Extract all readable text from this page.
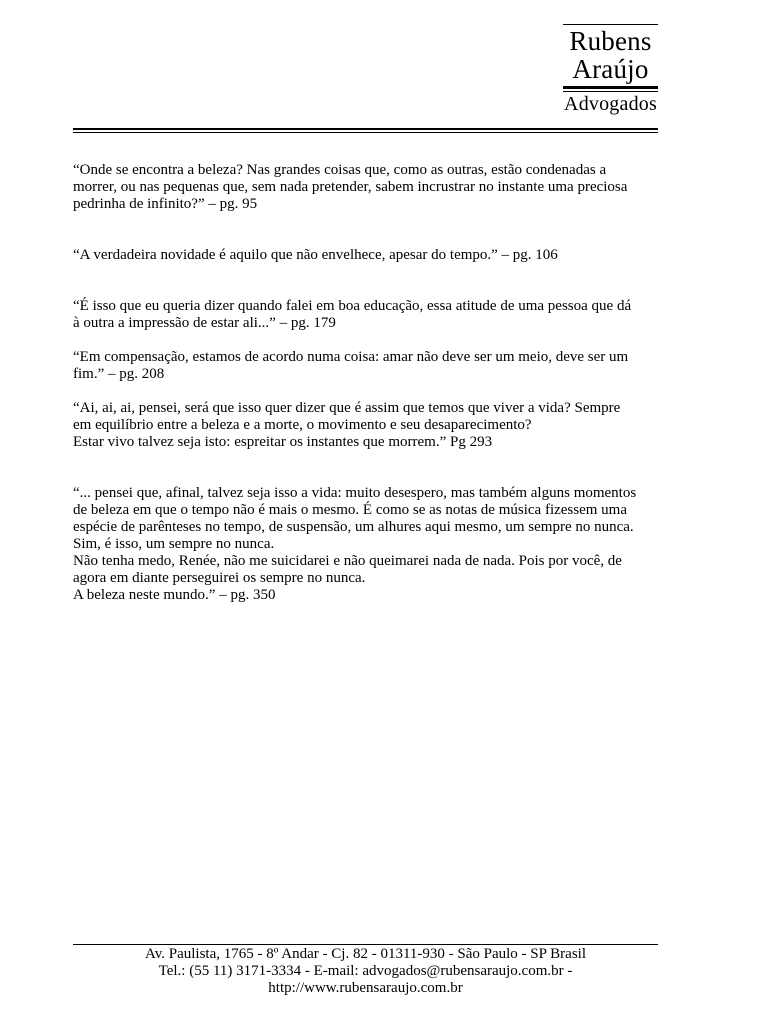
Rubens
Araújo
Advogados

“Onde se encontra a beleza? Nas grandes coisas que, como as outras, estão condenadas a
morrer, ou nas pequenas que, sem nada pretender, sabem incrustrar no instante uma preciosa
pedrinha de infinito?” – pg. 95

“A verdadeira novidade é aquilo que não envelhece, apesar do tempo.” – pg. 106

“É isso que eu queria dizer quando falei em boa educação, essa atitude de uma pessoa que dá
à outra a impressão de estar ali...” – pg. 179

“Em compensação, estamos de acordo numa coisa: amar não deve ser um meio, deve ser um
fim.” – pg. 208

“Ai, ai, ai, pensei, será que isso quer dizer que é assim que temos que viver a vida? Sempre
em equilíbrio entre a beleza e a morte, o movimento e seu desaparecimento?
Estar vivo talvez seja isto: espreitar os instantes que morrem.” Pg 293

“... pensei que, afinal, talvez seja isso a vida: muito desespero, mas também alguns momentos
de beleza em que o tempo não é mais o mesmo. É como se as notas de música fizessem uma
espécie de parênteses no tempo, de suspensão, um alhures aqui mesmo, um sempre no nunca.
Sim, é isso, um sempre no nunca.
Não tenha medo, Renée, não me suicidarei e não queimarei nada de nada. Pois por você, de
agora em diante perseguirei os sempre no nunca.
A beleza neste mundo.” – pg. 350

Av. Paulista, 1765 - 8º Andar - Cj. 82 - 01311-930 - São Paulo - SP Brasil
Tel.: (55 11) 3171-3334 - E-mail: advogados@rubensaraujo.com.br -
http://www.rubensaraujo.com.br
